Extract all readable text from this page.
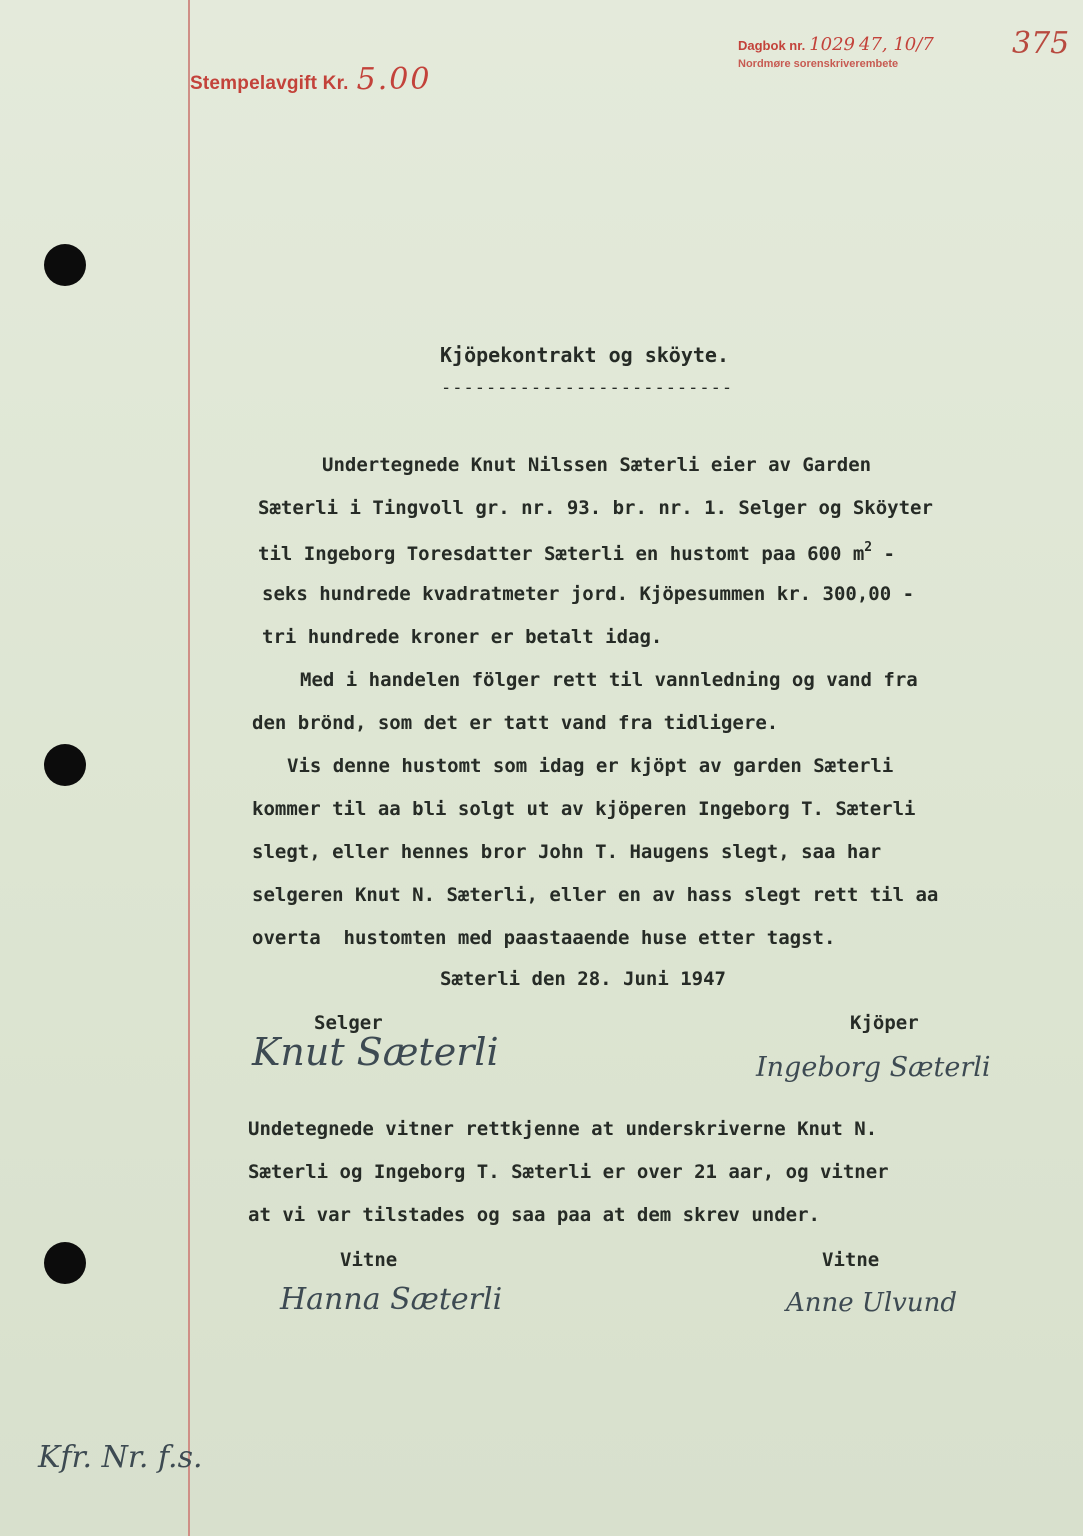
Stempelavgift Kr. 5.00
Dagbok nr. 1029 47, 10/7
Nordmøre sorenskriverembete
375
Kjöpekontrakt og sköyte.
--------------------------
Undertegnede Knut Nilssen Sæterli eier av Garden
Sæterli i Tingvoll gr. nr. 93. br. nr. 1. Selger og Sköyter
til Ingeborg Toresdatter Sæterli en hustomt paa 600 $m^2$ -
seks hundrede kvadratmeter jord. Kjöpesummen kr. 300,00 -
tri hundrede kroner er betalt idag.
Med i handelen fölger rett til vannledning og vand fra
den brönd, som det er tatt vand fra tidligere.
Vis denne hustomt som idag er kjöpt av garden Sæterli
kommer til aa bli solgt ut av kjöperen Ingeborg T. Sæterli
slegt, eller hennes bror John T. Haugens slegt, saa har
selgeren Knut N. Sæterli, eller en av hass slegt rett til aa
overta  hustomten med paastaaende huse etter tagst.
Sæterli den 28. Juni 1947
Selger	Kjöper
Knut Sæterli	Ingeborg Sæterli
Undetegnede vitner rettkjenne at underskriverne Knut N.
Sæterli og Ingeborg T. Sæterli er over 21 aar, og vitner
at vi var tilstades og saa paa at dem skrev under.
Vitne	Vitne
Hanna Sæterli	Anne Ulvund
Kfr. Nr. f.s.
